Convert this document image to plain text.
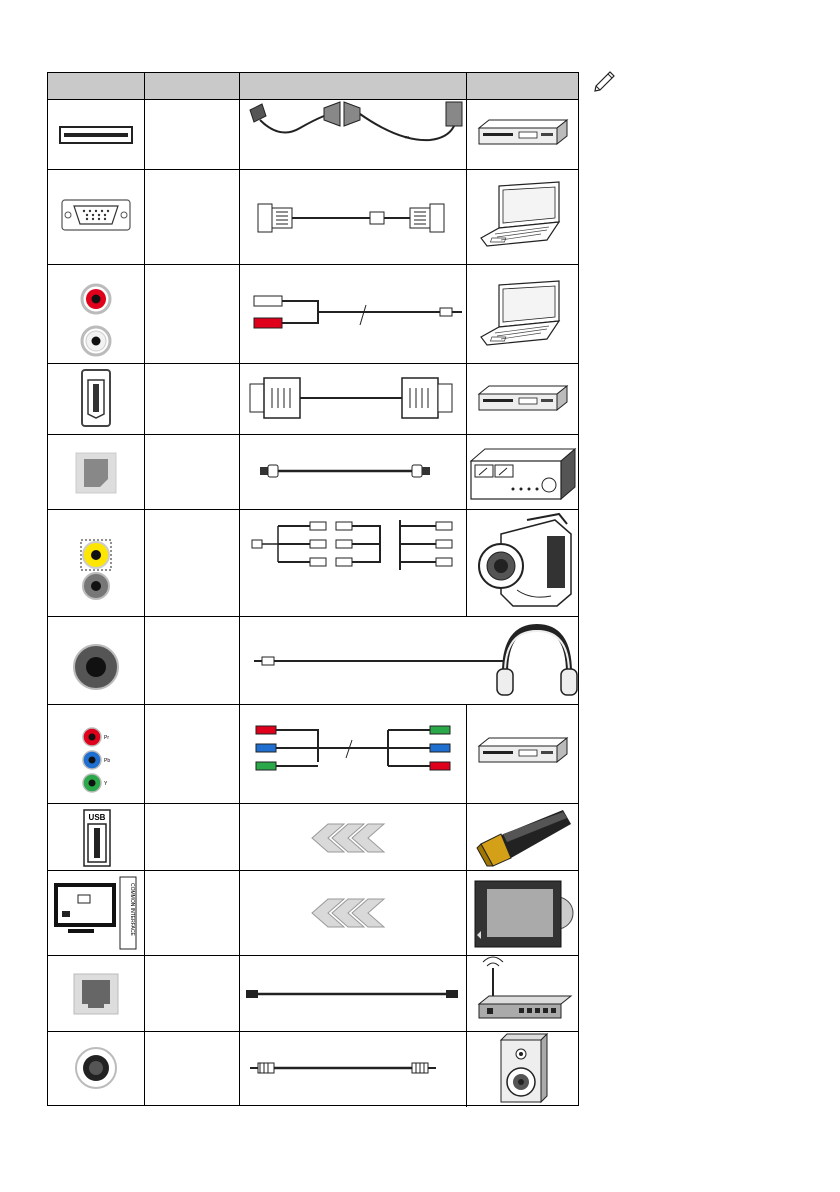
≈
Pr
Pb
Y
USB
COMMON INTERFACE
